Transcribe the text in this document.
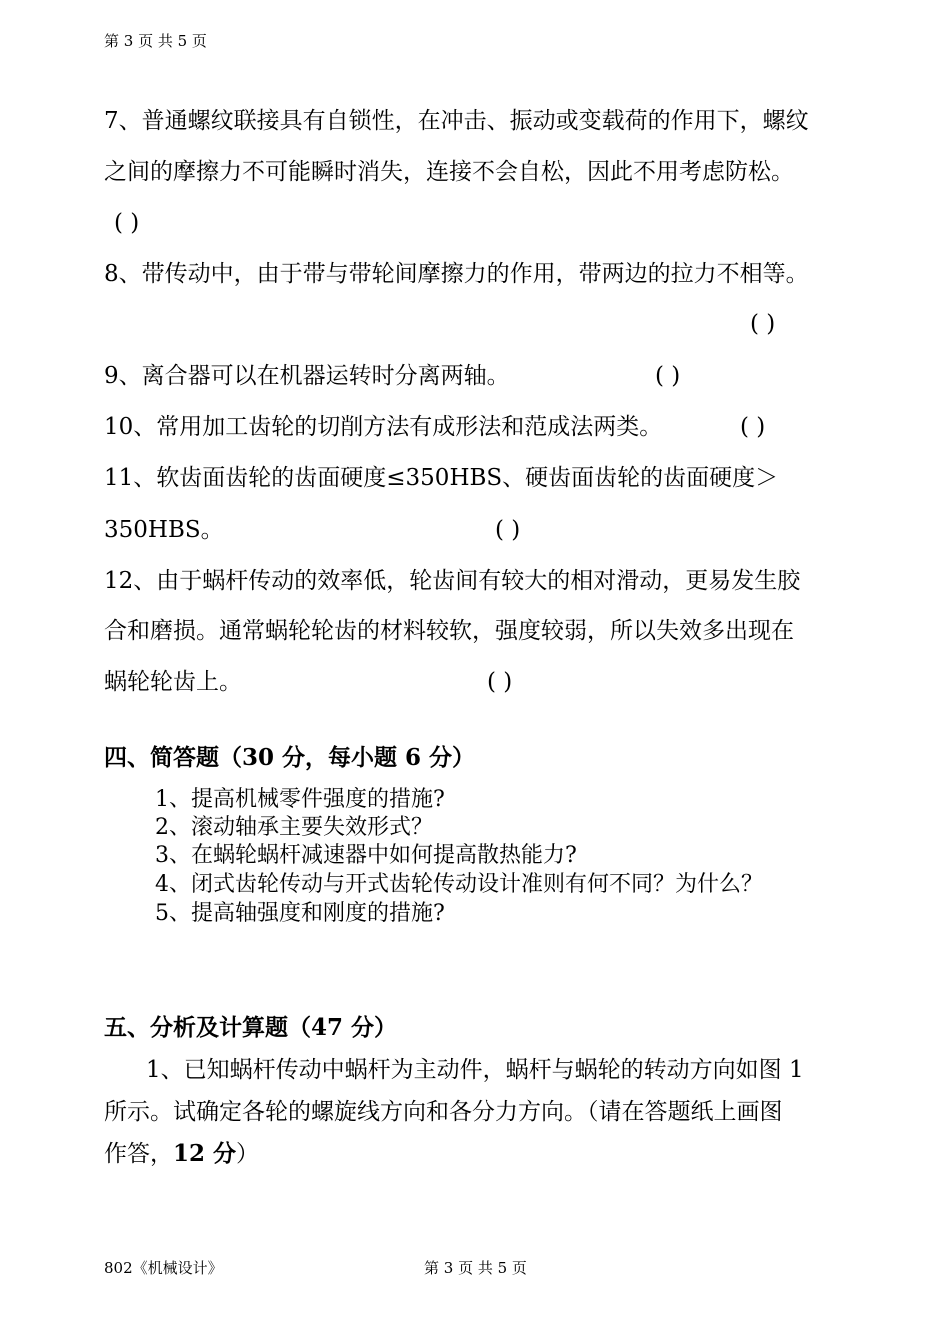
第 3 页 共 5 页
7、普通螺纹联接具有自锁性，在冲击、振动或变载荷的作用下，螺纹
之间的摩擦力不可能瞬时消失，连接不会自松，因此不用考虑防松。
( )
8、带传动中，由于带与带轮间摩擦力的作用，带两边的拉力不相等。
( )
9、离合器可以在机器运转时分离两轴。	( )
10、常用加工齿轮的切削方法有成形法和范成法两类。	( )
11、软齿面齿轮的齿面硬度≤350HBS、硬齿面齿轮的齿面硬度＞
350HBS。	( )
12、由于蜗杆传动的效率低，轮齿间有较大的相对滑动，更易发生胶
合和磨损。通常蜗轮轮齿的材料较软，强度较弱，所以失效多出现在
蜗轮轮齿上。	( )
四、简答题（30 分，每小题 6 分）
1、提高机械零件强度的措施?
2、滚动轴承主要失效形式？
3、在蜗轮蜗杆减速器中如何提高散热能力?
4、闭式齿轮传动与开式齿轮传动设计准则有何不同？为什么？
5、提高轴强度和刚度的措施?
五、分析及计算题（47 分）
1、已知蜗杆传动中蜗杆为主动件，蜗杆与蜗轮的转动方向如图 1
所示。试确定各轮的螺旋线方向和各分力方向。（请在答题纸上画图
作答，12 分）
802《机械设计》	第 3 页 共 5 页
